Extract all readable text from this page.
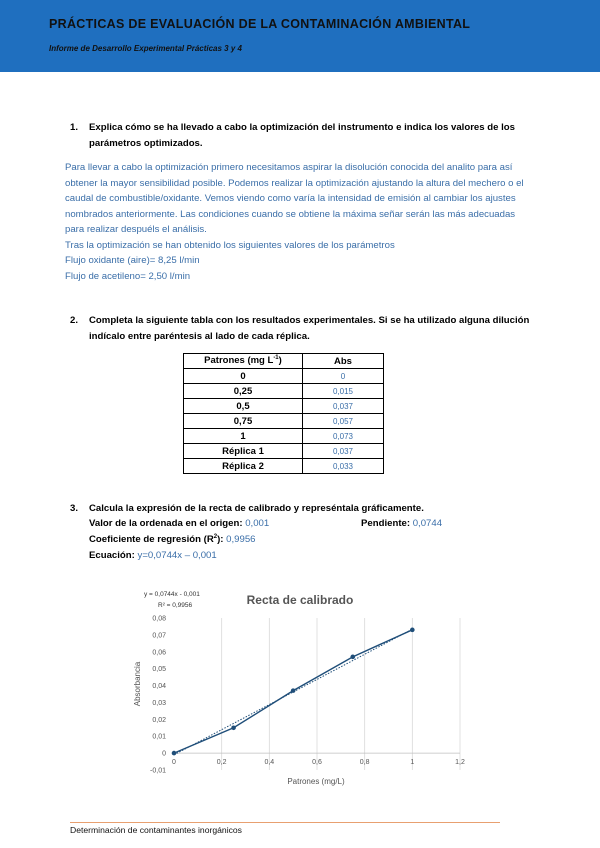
PRÁCTICAS DE EVALUACIÓN DE LA CONTAMINACIÓN AMBIENTAL
Informe de Desarrollo Experimental Prácticas 3 y 4
1. Explica cómo se ha llevado a cabo la optimización del instrumento e indica los valores de los parámetros optimizados.

Para llevar a cabo la optimización primero necesitamos aspirar la disolución conocida del analito para así obtener la mayor sensibilidad posible. Podemos realizar la optimización ajustando la altura del mechero o el caudal de combustible/oxidante. Vemos viendo como varía la intensidad de emisión al cambiar los ajustes nombrados anteriormente. Las condiciones cuando se obtiene la máxima señar serán las más adecuadas para realizar despuéls el análisis.

Tras la optimización se han obtenido los siguientes valores de los parámetros

Flujo oxidante (aire)= 8,25 l/min

Flujo de acetileno= 2,50 l/min

2. Completa la siguiente tabla con los resultados experimentales. Si se ha utilizado alguna dilución indícalo entre paréntesis al lado de cada réplica.
Patrones (mg $L^{-1}$)	Abs
0	0
0,25	0,015
0,5	0,037
0,75	0,057
1	0,073
Réplica 1	0,037
Réplica 2	0,033
3. Calcula la expresión de la recta de calibrado y represéntala gráficamente.
Valor de la ordenada en el origen: 0,001	Pendiente: 0,0744
Coeficiente de regresión $(R^2)$: 0,9956
Ecuación: y=0,0744x – 0,001
0	0,2	0,4	0,6	0,8	1	1,2
-0,01
0
0,01
0,02
0,03
0,04
0,05
0,06
0,07
0,08
Recta de calibrado
y = 0,0744x - 0,001
R² = 0,9956
Patrones (mg/L)
Absorbancia
Determinación de contaminantes inorgánicos
